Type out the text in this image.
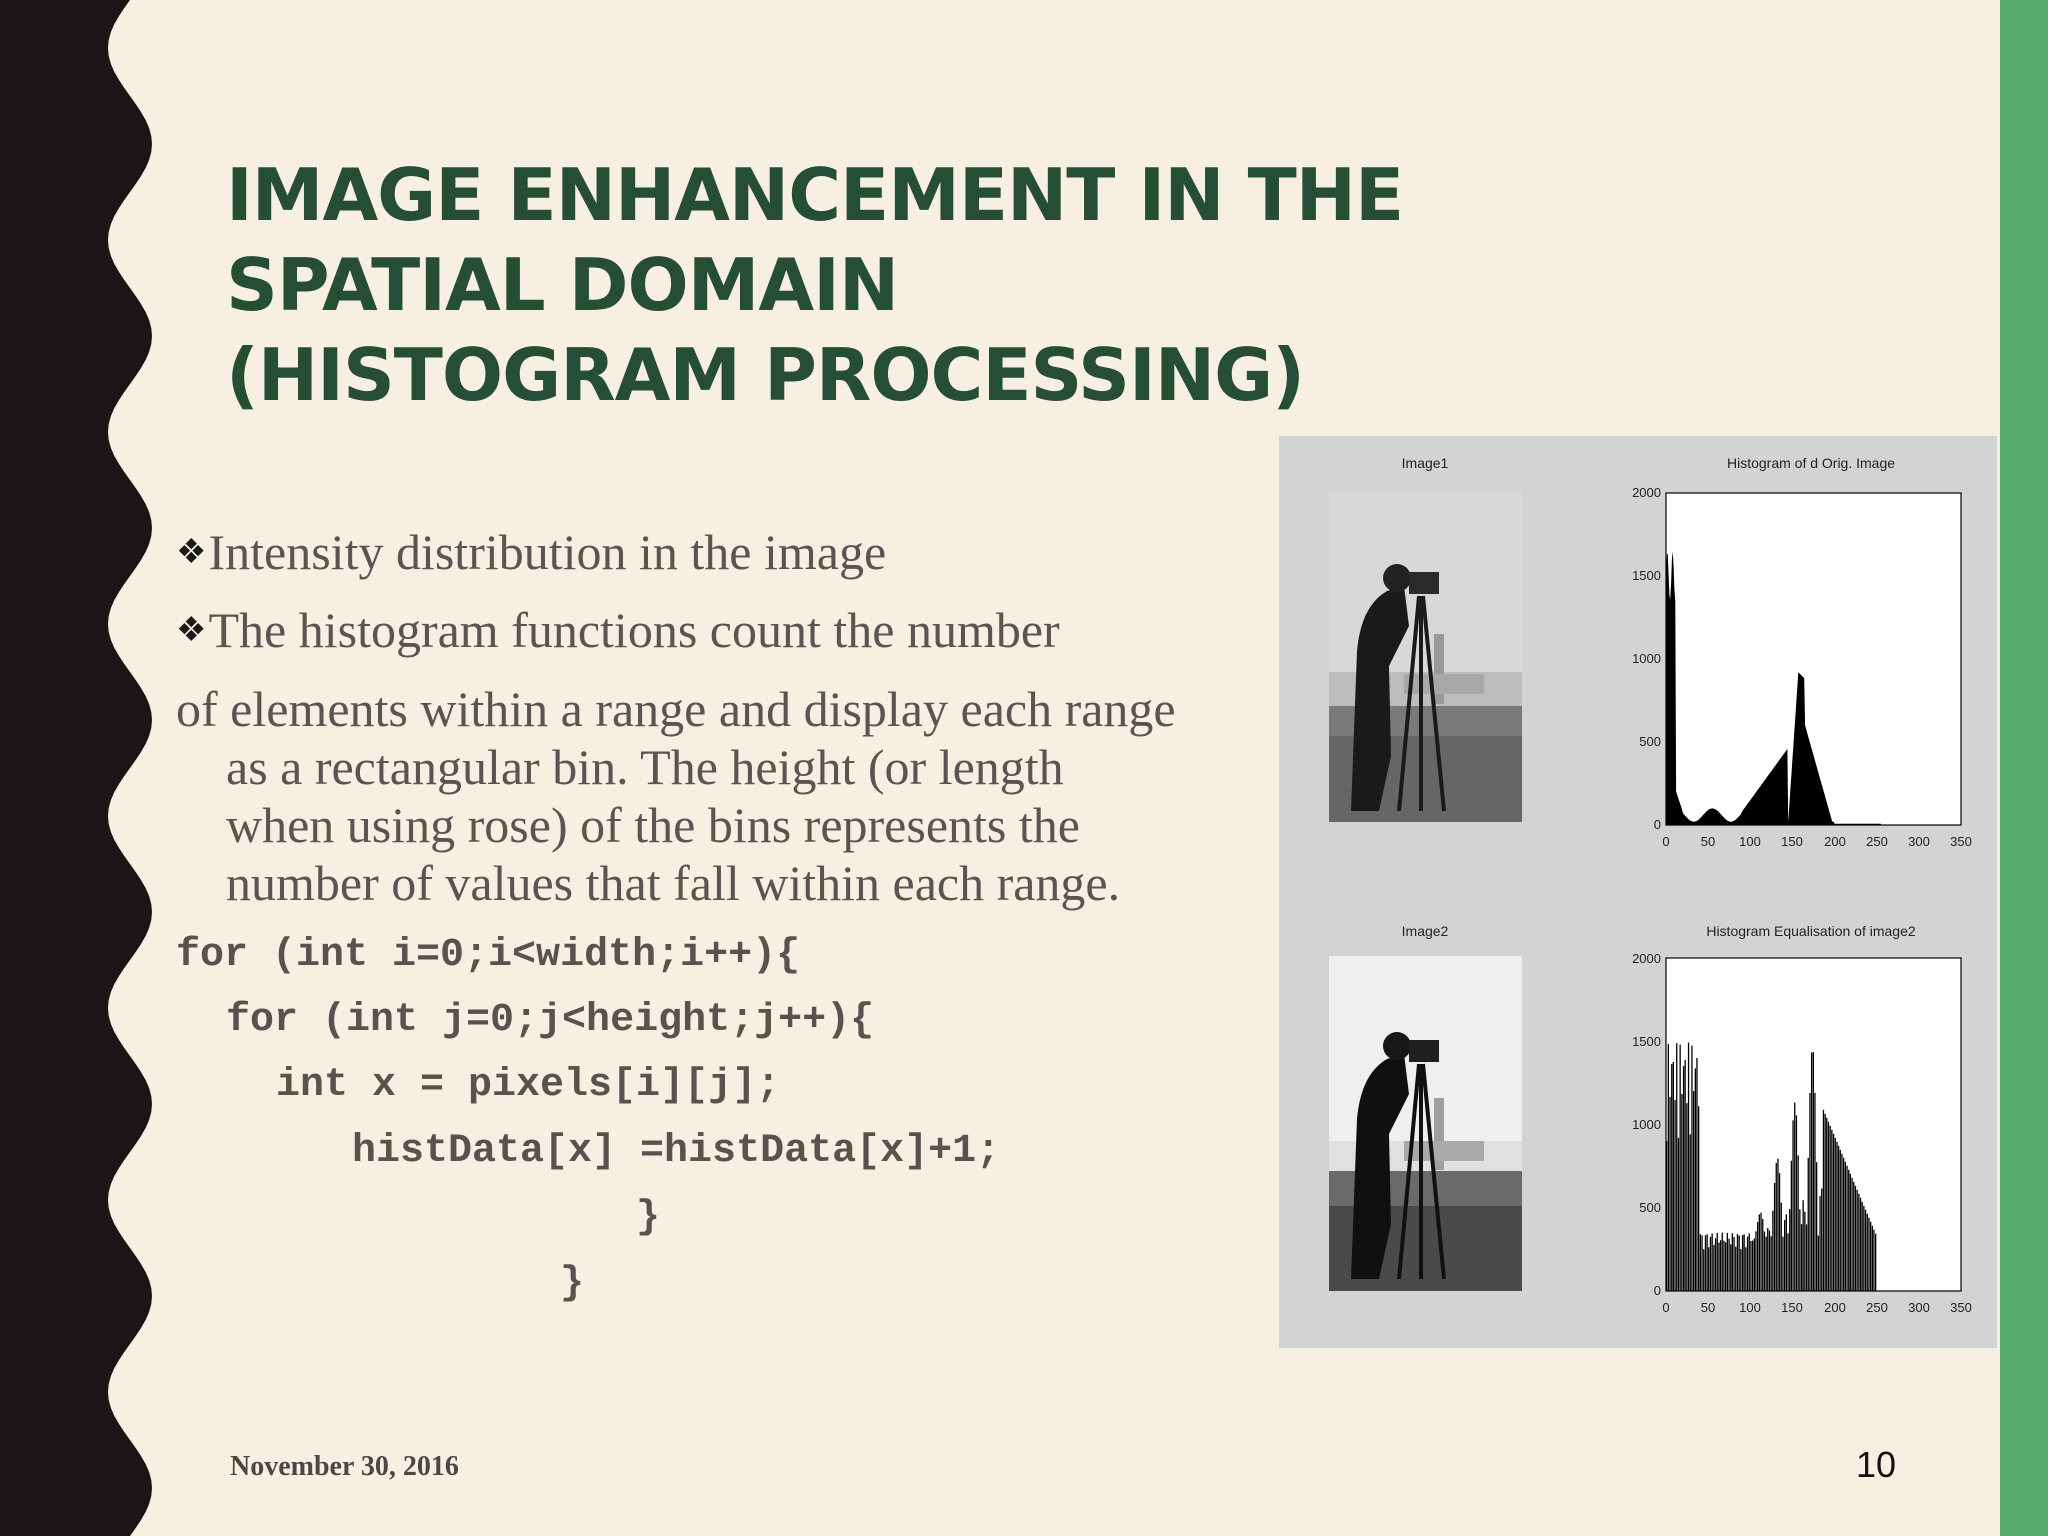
IMAGE ENHANCEMENT IN THE
SPATIAL DOMAIN
(HISTOGRAM PROCESSING)
❖Intensity distribution in the image
❖The histogram functions count the number
of elements within a range and display each range
as a rectangular bin. The height (or length
when using rose) of the bins represents the
number of values that fall within each range.
for (int i=0;i<width;i++){
for (int j=0;j<height;j++){
int x = pixels[i][j];
histData[x] =histData[x]+1;
}
}
Image1
Image2
Histogram of d Orig. Image
0 50 100 150 200 250 300 350
0
500
1000
1500
2000
Histogram Equalisation of image2
0 50 100 150 200 250 300 350
0
500
1000
1500
2000
November 30, 2016	10
